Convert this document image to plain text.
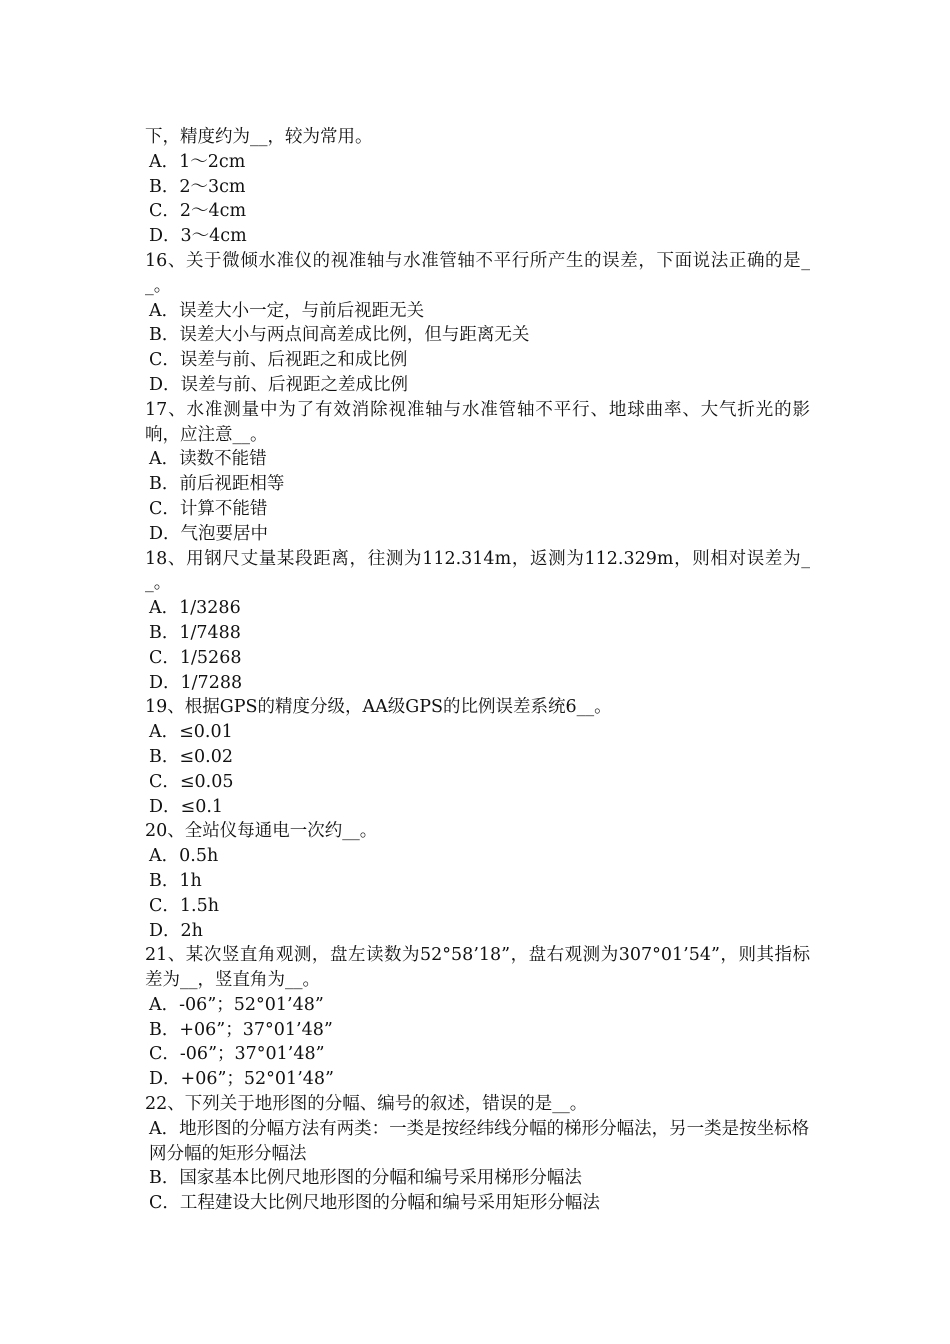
下，精度约为__，较为常用。

A．1～2cm

B．2～3cm

C．2～4cm

D．3～4cm

16、关于微倾水准仪的视准轴与水准管轴不平行所产生的误差，下面说法正确的是__。

A．误差大小一定，与前后视距无关

B．误差大小与两点间高差成比例，但与距离无关

C．误差与前、后视距之和成比例

D．误差与前、后视距之差成比例

17、水准测量中为了有效消除视准轴与水准管轴不平行、地球曲率、大气折光的影响，应注意__。

A．读数不能错

B．前后视距相等

C．计算不能错

D．气泡要居中

18、用钢尺丈量某段距离，往测为112.314m，返测为112.329m，则相对误差为__。

A．1/3286

B．1/7488

C．1/5268

D．1/7288

19、根据GPS的精度分级，AA级GPS的比例误差系统6__。

A．≤0.01

B．≤0.02

C．≤0.05

D．≤0.1

20、全站仪每通电一次约__。

A．0.5h

B．1h

C．1.5h

D．2h

21、某次竖直角观测，盘左读数为52°58’18”，盘右观测为307°01’54”，则其指标差为__，竖直角为__。

A．-06”；52°01’48”

B．+06”；37°01’48”

C．-06”；37°01’48”

D．+06”；52°01’48”

22、下列关于地形图的分幅、编号的叙述，错误的是__。

A．地形图的分幅方法有两类：一类是按经纬线分幅的梯形分幅法，另一类是按坐标格网分幅的矩形分幅法

B．国家基本比例尺地形图的分幅和编号采用梯形分幅法

C．工程建设大比例尺地形图的分幅和编号采用矩形分幅法
